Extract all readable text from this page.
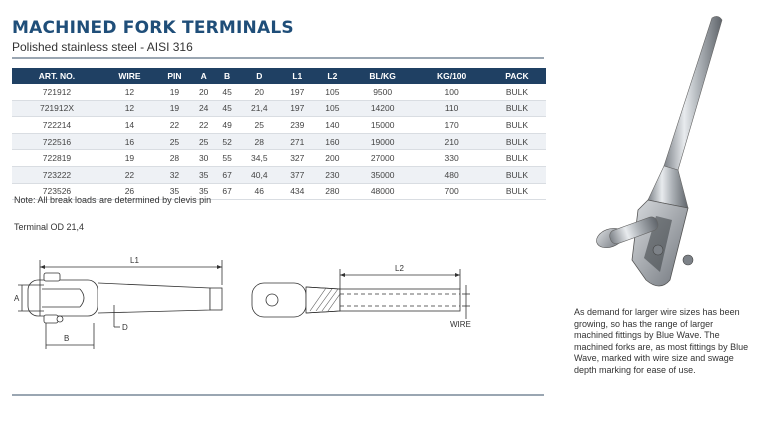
MACHINED FORK TERMINALS
Polished stainless steel - AISI 316
ART. NO.	WIRE	PIN	A	B	D	L1	L2	BL/KG	KG/100	PACK
721912	12	19	20	45	20	197	105	9500	100	BULK
721912X	12	19	24	45	21,4	197	105	14200	110	BULK
722214	14	22	22	49	25	239	140	15000	170	BULK
722516	16	25	25	52	28	271	160	19000	210	BULK
722819	19	28	30	55	34,5	327	200	27000	330	BULK
723222	22	32	35	67	40,4	377	230	35000	480	BULK
723526	26	35	35	67	46	434	280	48000	700	BULK
Note: All break loads are determined by clevis pin
Terminal OD 21,4
L1
A
B
D
L2
WIRE
As demand for larger wire sizes has been growing, so has the range of larger machined fittings by Blue Wave. The machined forks are, as most fittings by Blue Wave, marked with wire size and swage depth marking for ease of use.
